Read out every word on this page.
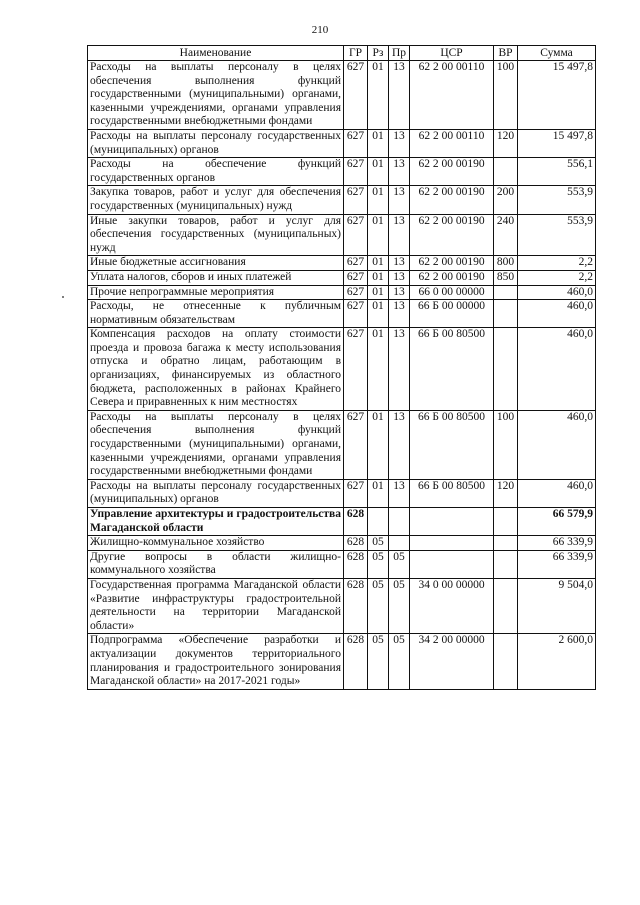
210
Наименование	ГР	Рз	Пр	ЦСР	ВР	Сумма
Расходы на выплаты персоналу в целях обеспечения выполнения функций государственными (муниципальными) органами, казенными учреждениями, органами управления государственными внебюджетными фондами	627	01	13	62 2 00 00110	100	15 497,8
Расходы на выплаты персоналу государственных (муниципальных) органов	627	01	13	62 2 00 00110	120	15 497,8
Расходы на обеспечение функций государственных органов	627	01	13	62 2 00 00190		556,1
Закупка товаров, работ и услуг для обеспечения государственных (муниципальных) нужд	627	01	13	62 2 00 00190	200	553,9
Иные закупки товаров, работ и услуг для обеспечения государственных (муниципальных) нужд	627	01	13	62 2 00 00190	240	553,9
Иные бюджетные ассигнования	627	01	13	62 2 00 00190	800	2,2
Уплата налогов, сборов и иных платежей	627	01	13	62 2 00 00190	850	2,2
Прочие непрограммные мероприятия	627	01	13	66 0 00 00000		460,0
Расходы, не отнесенные к публичным нормативным обязательствам	627	01	13	66 Б 00 00000		460,0
Компенсация расходов на оплату стоимости проезда и провоза багажа к месту использования отпуска и обратно лицам, работающим в организациях, финансируемых из областного бюджета, расположенных в районах Крайнего Севера и приравненных к ним местностях	627	01	13	66 Б 00 80500		460,0
Расходы на выплаты персоналу в целях обеспечения выполнения функций государственными (муниципальными) органами, казенными учреждениями, органами управления государственными внебюджетными фондами	627	01	13	66 Б 00 80500	100	460,0
Расходы на выплаты персоналу государственных (муниципальных) органов	627	01	13	66 Б 00 80500	120	460,0
Управление архитектуры и градостроительства Магаданской области	628					66 579,9
Жилищно-коммунальное хозяйство	628	05				66 339,9
Другие вопросы в области жилищно-коммунального хозяйства	628	05	05			66 339,9
Государственная программа Магаданской области «Развитие инфраструктуры градостроительной деятельности на территории Магаданской области»	628	05	05	34 0 00 00000		9 504,0
Подпрограмма «Обеспечение разработки и актуализации документов территориального планирования и градостроительного зонирования Магаданской области» на 2017-2021 годы»	628	05	05	34 2 00 00000		2 600,0
